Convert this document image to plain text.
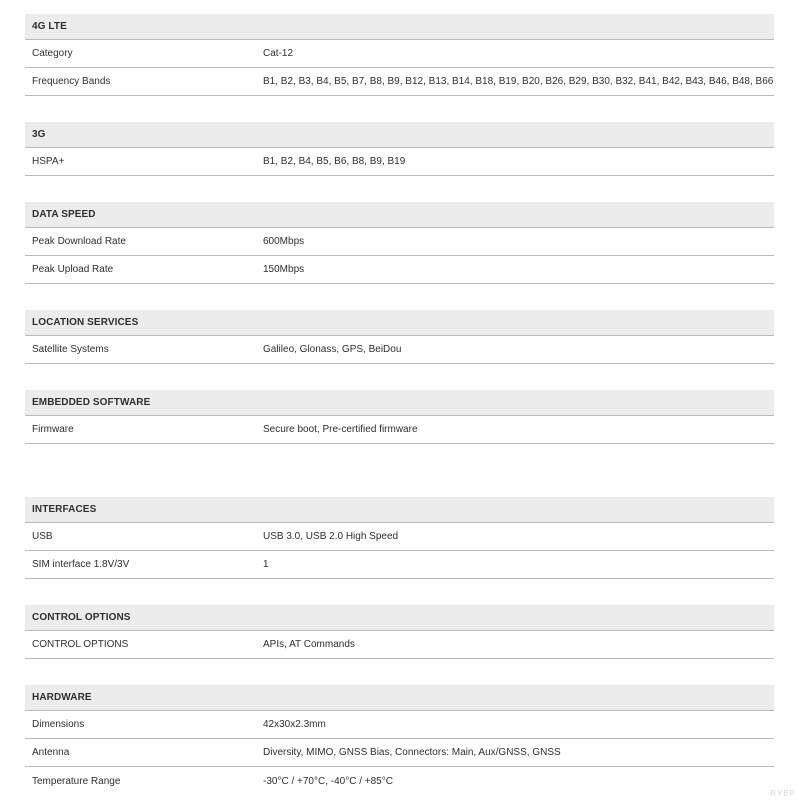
4G LTE
Category	Cat-12
Frequency Bands	B1, B2, B3, B4, B5, B7, B8, B9, B12, B13, B14, B18, B19, B20, B26, B29, B30, B32, B41, B42, B43, B46, B48, B66
3G
HSPA+	B1, B2, B4, B5, B6, B8, B9, B19
DATA SPEED
Peak Download Rate	600Mbps
Peak Upload Rate	150Mbps
LOCATION SERVICES
Satellite Systems	Galileo, Glonass, GPS, BeiDou
EMBEDDED SOFTWARE
Firmware	Secure boot, Pre-certified firmware
INTERFACES
USB	USB 3.0, USB 2.0 High Speed
SIM interface 1.8V/3V	1
CONTROL OPTIONS
CONTROL OPTIONS	APIs, AT Commands
HARDWARE
Dimensions	42x30x2.3mm
Antenna	Diversity, MIMO, GNSS Bias, Connectors: Main, Aux/GNSS, GNSS
Temperature Range	-30°C / +70°C, -40°C / +85°C
RYEP
